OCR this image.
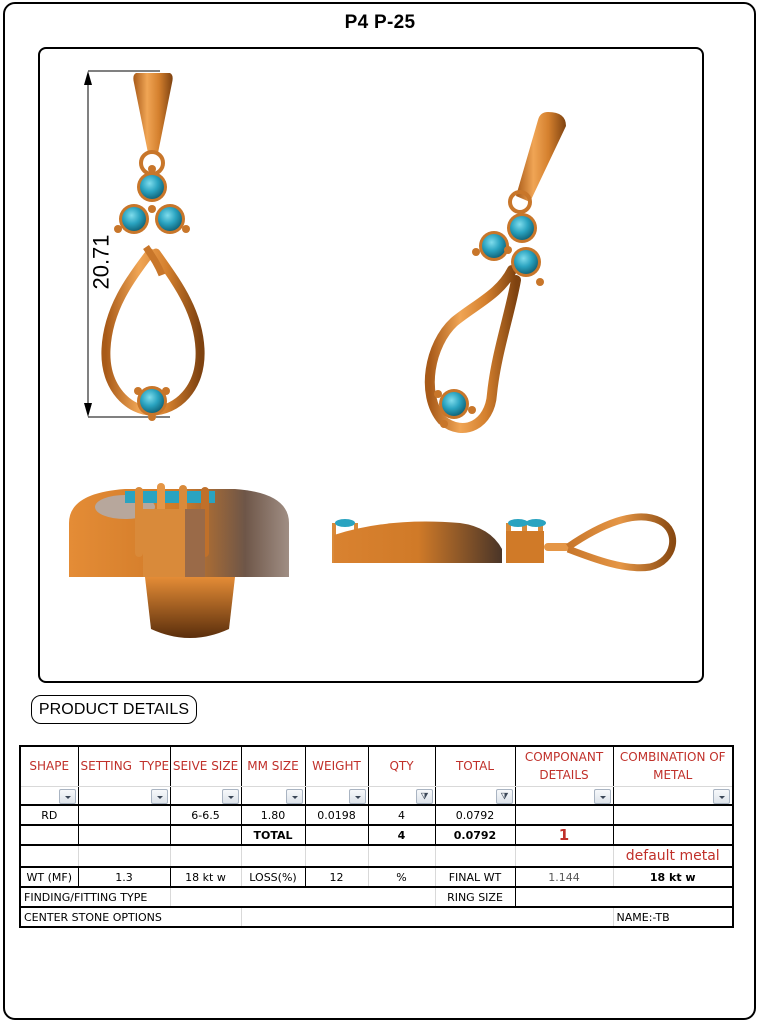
P4 P-25
20.71
PRODUCT DETAILS
SHAPE	SETTING  TYPE	SEIVE SIZE	MM SIZE	WEIGHT	QTY	TOTAL	COMPONANT DETAILS	COMBINATION OF METAL

					⧩	⧩		

RD		6-6.5	1.80	0.0198	4	0.0792		
			TOTAL		4	0.0792	1	
								default metal
WT (MF)	1.3	18 kt w	LOSS(%)	12	%	FINAL WT	1.144	18 kt w
FINDING/FITTING TYPE						RING SIZE		
CENTER STONE OPTIONS								NAME:-TB
